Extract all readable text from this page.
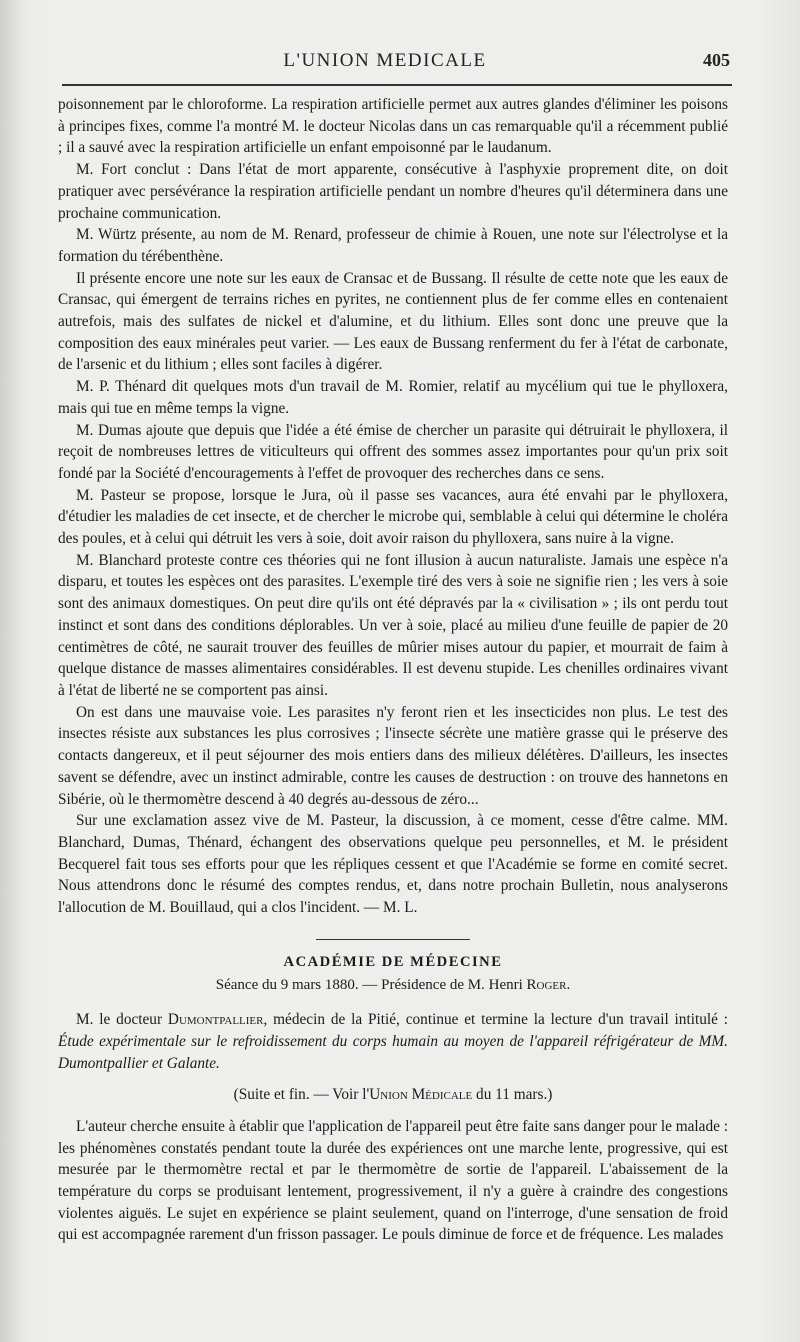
L'UNION MEDICALE	405

poisonnement par le chloroforme. La respiration artificielle permet aux autres glandes d'éliminer les poisons à principes fixes, comme l'a montré M. le docteur Nicolas dans un cas remarquable qu'il a récemment publié ; il a sauvé avec la respiration artificielle un enfant empoisonné par le laudanum.

M. Fort conclut : Dans l'état de mort apparente, consécutive à l'asphyxie proprement dite, on doit pratiquer avec persévérance la respiration artificielle pendant un nombre d'heures qu'il déterminera dans une prochaine communication.

M. Würtz présente, au nom de M. Renard, professeur de chimie à Rouen, une note sur l'électrolyse et la formation du térébenthène.

Il présente encore une note sur les eaux de Cransac et de Bussang. Il résulte de cette note que les eaux de Cransac, qui émergent de terrains riches en pyrites, ne contiennent plus de fer comme elles en contenaient autrefois, mais des sulfates de nickel et d'alumine, et du lithium. Elles sont donc une preuve que la composition des eaux minérales peut varier. — Les eaux de Bussang renferment du fer à l'état de carbonate, de l'arsenic et du lithium ; elles sont faciles à digérer.

M. P. Thénard dit quelques mots d'un travail de M. Romier, relatif au mycélium qui tue le phylloxera, mais qui tue en même temps la vigne.

M. Dumas ajoute que depuis que l'idée a été émise de chercher un parasite qui détruirait le phylloxera, il reçoit de nombreuses lettres de viticulteurs qui offrent des sommes assez importantes pour qu'un prix soit fondé par la Société d'encouragements à l'effet de provoquer des recherches dans ce sens.

M. Pasteur se propose, lorsque le Jura, où il passe ses vacances, aura été envahi par le phylloxera, d'étudier les maladies de cet insecte, et de chercher le microbe qui, semblable à celui qui détermine le choléra des poules, et à celui qui détruit les vers à soie, doit avoir raison du phylloxera, sans nuire à la vigne.

M. Blanchard proteste contre ces théories qui ne font illusion à aucun naturaliste. Jamais une espèce n'a disparu, et toutes les espèces ont des parasites. L'exemple tiré des vers à soie ne signifie rien ; les vers à soie sont des animaux domestiques. On peut dire qu'ils ont été dépravés par la « civilisation » ; ils ont perdu tout instinct et sont dans des conditions déplorables. Un ver à soie, placé au milieu d'une feuille de papier de 20 centimètres de côté, ne saurait trouver des feuilles de mûrier mises autour du papier, et mourrait de faim à quelque distance de masses alimentaires considérables. Il est devenu stupide. Les chenilles ordinaires vivant à l'état de liberté ne se comportent pas ainsi.

On est dans une mauvaise voie. Les parasites n'y feront rien et les insecticides non plus. Le test des insectes résiste aux substances les plus corrosives ; l'insecte sécrète une matière grasse qui le préserve des contacts dangereux, et il peut séjourner des mois entiers dans des milieux délétères. D'ailleurs, les insectes savent se défendre, avec un instinct admirable, contre les causes de destruction : on trouve des hannetons en Sibérie, où le thermomètre descend à 40 degrés au-dessous de zéro...

Sur une exclamation assez vive de M. Pasteur, la discussion, à ce moment, cesse d'être calme. MM. Blanchard, Dumas, Thénard, échangent des observations quelque peu personnelles, et M. le président Becquerel fait tous ses efforts pour que les répliques cessent et que l'Académie se forme en comité secret. Nous attendrons donc le résumé des comptes rendus, et, dans notre prochain Bulletin, nous analyserons l'allocution de M. Bouillaud, qui a clos l'incident. — M. L.

ACADÉMIE DE MÉDECINE
Séance du 9 mars 1880. — Présidence de M. Henri Roger.

M. le docteur Dumontpallier, médecin de la Pitié, continue et termine la lecture d'un travail intitulé : Étude expérimentale sur le refroidissement du corps humain au moyen de l'appareil réfrigérateur de MM. Dumontpallier et Galante.

(Suite et fin. — Voir l'Union Médicale du 11 mars.)

L'auteur cherche ensuite à établir que l'application de l'appareil peut être faite sans danger pour le malade : les phénomènes constatés pendant toute la durée des expériences ont une marche lente, progressive, qui est mesurée par le thermomètre rectal et par le thermomètre de sortie de l'appareil. L'abaissement de la température du corps se produisant lentement, progressivement, il n'y a guère à craindre des congestions violentes aiguës. Le sujet en expérience se plaint seulement, quand on l'interroge, d'une sensation de froid qui est accompagnée rarement d'un frisson passager. Le pouls diminue de force et de fréquence. Les malades
